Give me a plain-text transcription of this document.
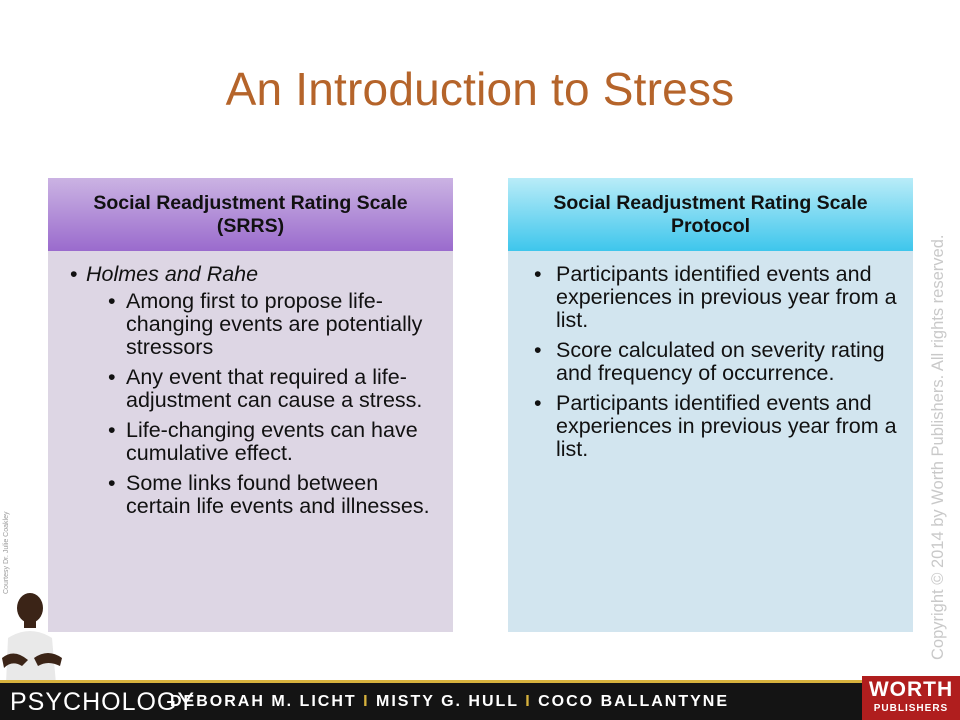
An Introduction to Stress
Social Readjustment Rating Scale (SRRS)
• Holmes and Rahe
• Among first to propose life-changing events are potentially stressors
• Any event that required a life-adjustment can cause a stress.
• Life-changing events can have cumulative effect.
• Some links found between certain life events and illnesses.
Social Readjustment Rating Scale Protocol
• Participants identified events and experiences in previous year from a list.
• Score calculated on severity rating and frequency of occurrence.
• Participants identified events and experiences in previous year from a list.	Copyright © 2014 by Worth Publishers. All rights reserved.
Courtesy Dr. Julie Coakley
PSYCHOLOGY
DEBORAH M. LICHT I MISTY G. HULL I COCO BALLANTYNE
WORTH
PUBLISHERS
